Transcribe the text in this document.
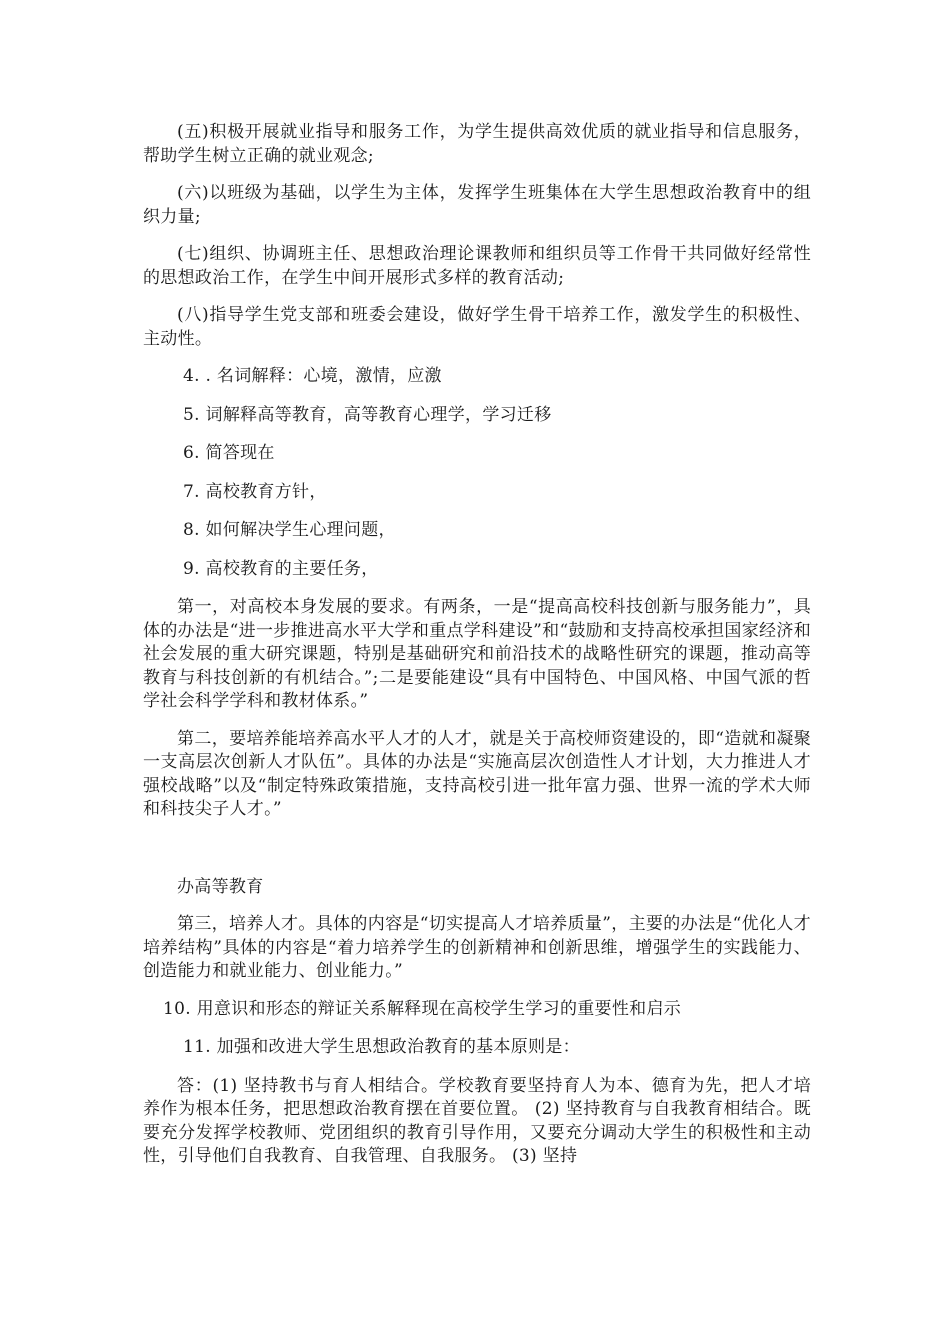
(五)积极开展就业指导和服务工作，为学生提供高效优质的就业指导和信息服务，帮助学生树立正确的就业观念;

(六)以班级为基础，以学生为主体，发挥学生班集体在大学生思想政治教育中的组织力量;

(七)组织、协调班主任、思想政治理论课教师和组织员等工作骨干共同做好经常性的思想政治工作，在学生中间开展形式多样的教育活动;

(八)指导学生党支部和班委会建设，做好学生骨干培养工作，激发学生的积极性、主动性。

4. . 名词解释：心境，激情，应激
5. 词解释高等教育，高等教育心理学，学习迁移
6. 简答现在
7. 高校教育方针，
8. 如何解决学生心理问题，
9. 高校教育的主要任务，

第一，对高校本身发展的要求。有两条，一是“提高高校科技创新与服务能力”，具体的办法是“进一步推进高水平大学和重点学科建设”和“鼓励和支持高校承担国家经济和社会发展的重大研究课题，特别是基础研究和前沿技术的战略性研究的课题，推动高等教育与科技创新的有机结合。”;二是要能建设“具有中国特色、中国风格、中国气派的哲学社会科学学科和教材体系。”

第二，要培养能培养高水平人才的人才，就是关于高校师资建设的，即“造就和凝聚一支高层次创新人才队伍”。具体的办法是“实施高层次创造性人才计划，大力推进人才强校战略”以及“制定特殊政策措施，支持高校引进一批年富力强、世界一流的学术大师和科技尖子人才。”

办高等教育

第三，培养人才。具体的内容是“切实提高人才培养质量”，主要的办法是“优化人才培养结构”具体的内容是“着力培养学生的创新精神和创新思维，增强学生的实践能力、创造能力和就业能力、创业能力。”

10. 用意识和形态的辩证关系解释现在高校学生学习的重要性和启示
11. 加强和改进大学生思想政治教育的基本原则是：

答：(1) 坚持教书与育人相结合。学校教育要坚持育人为本、德育为先，把人才培养作为根本任务，把思想政治教育摆在首要位置。 (2) 坚持教育与自我教育相结合。既要充分发挥学校教师、党团组织的教育引导作用，又要充分调动大学生的积极性和主动性，引导他们自我教育、自我管理、自我服务。 (3) 坚持
